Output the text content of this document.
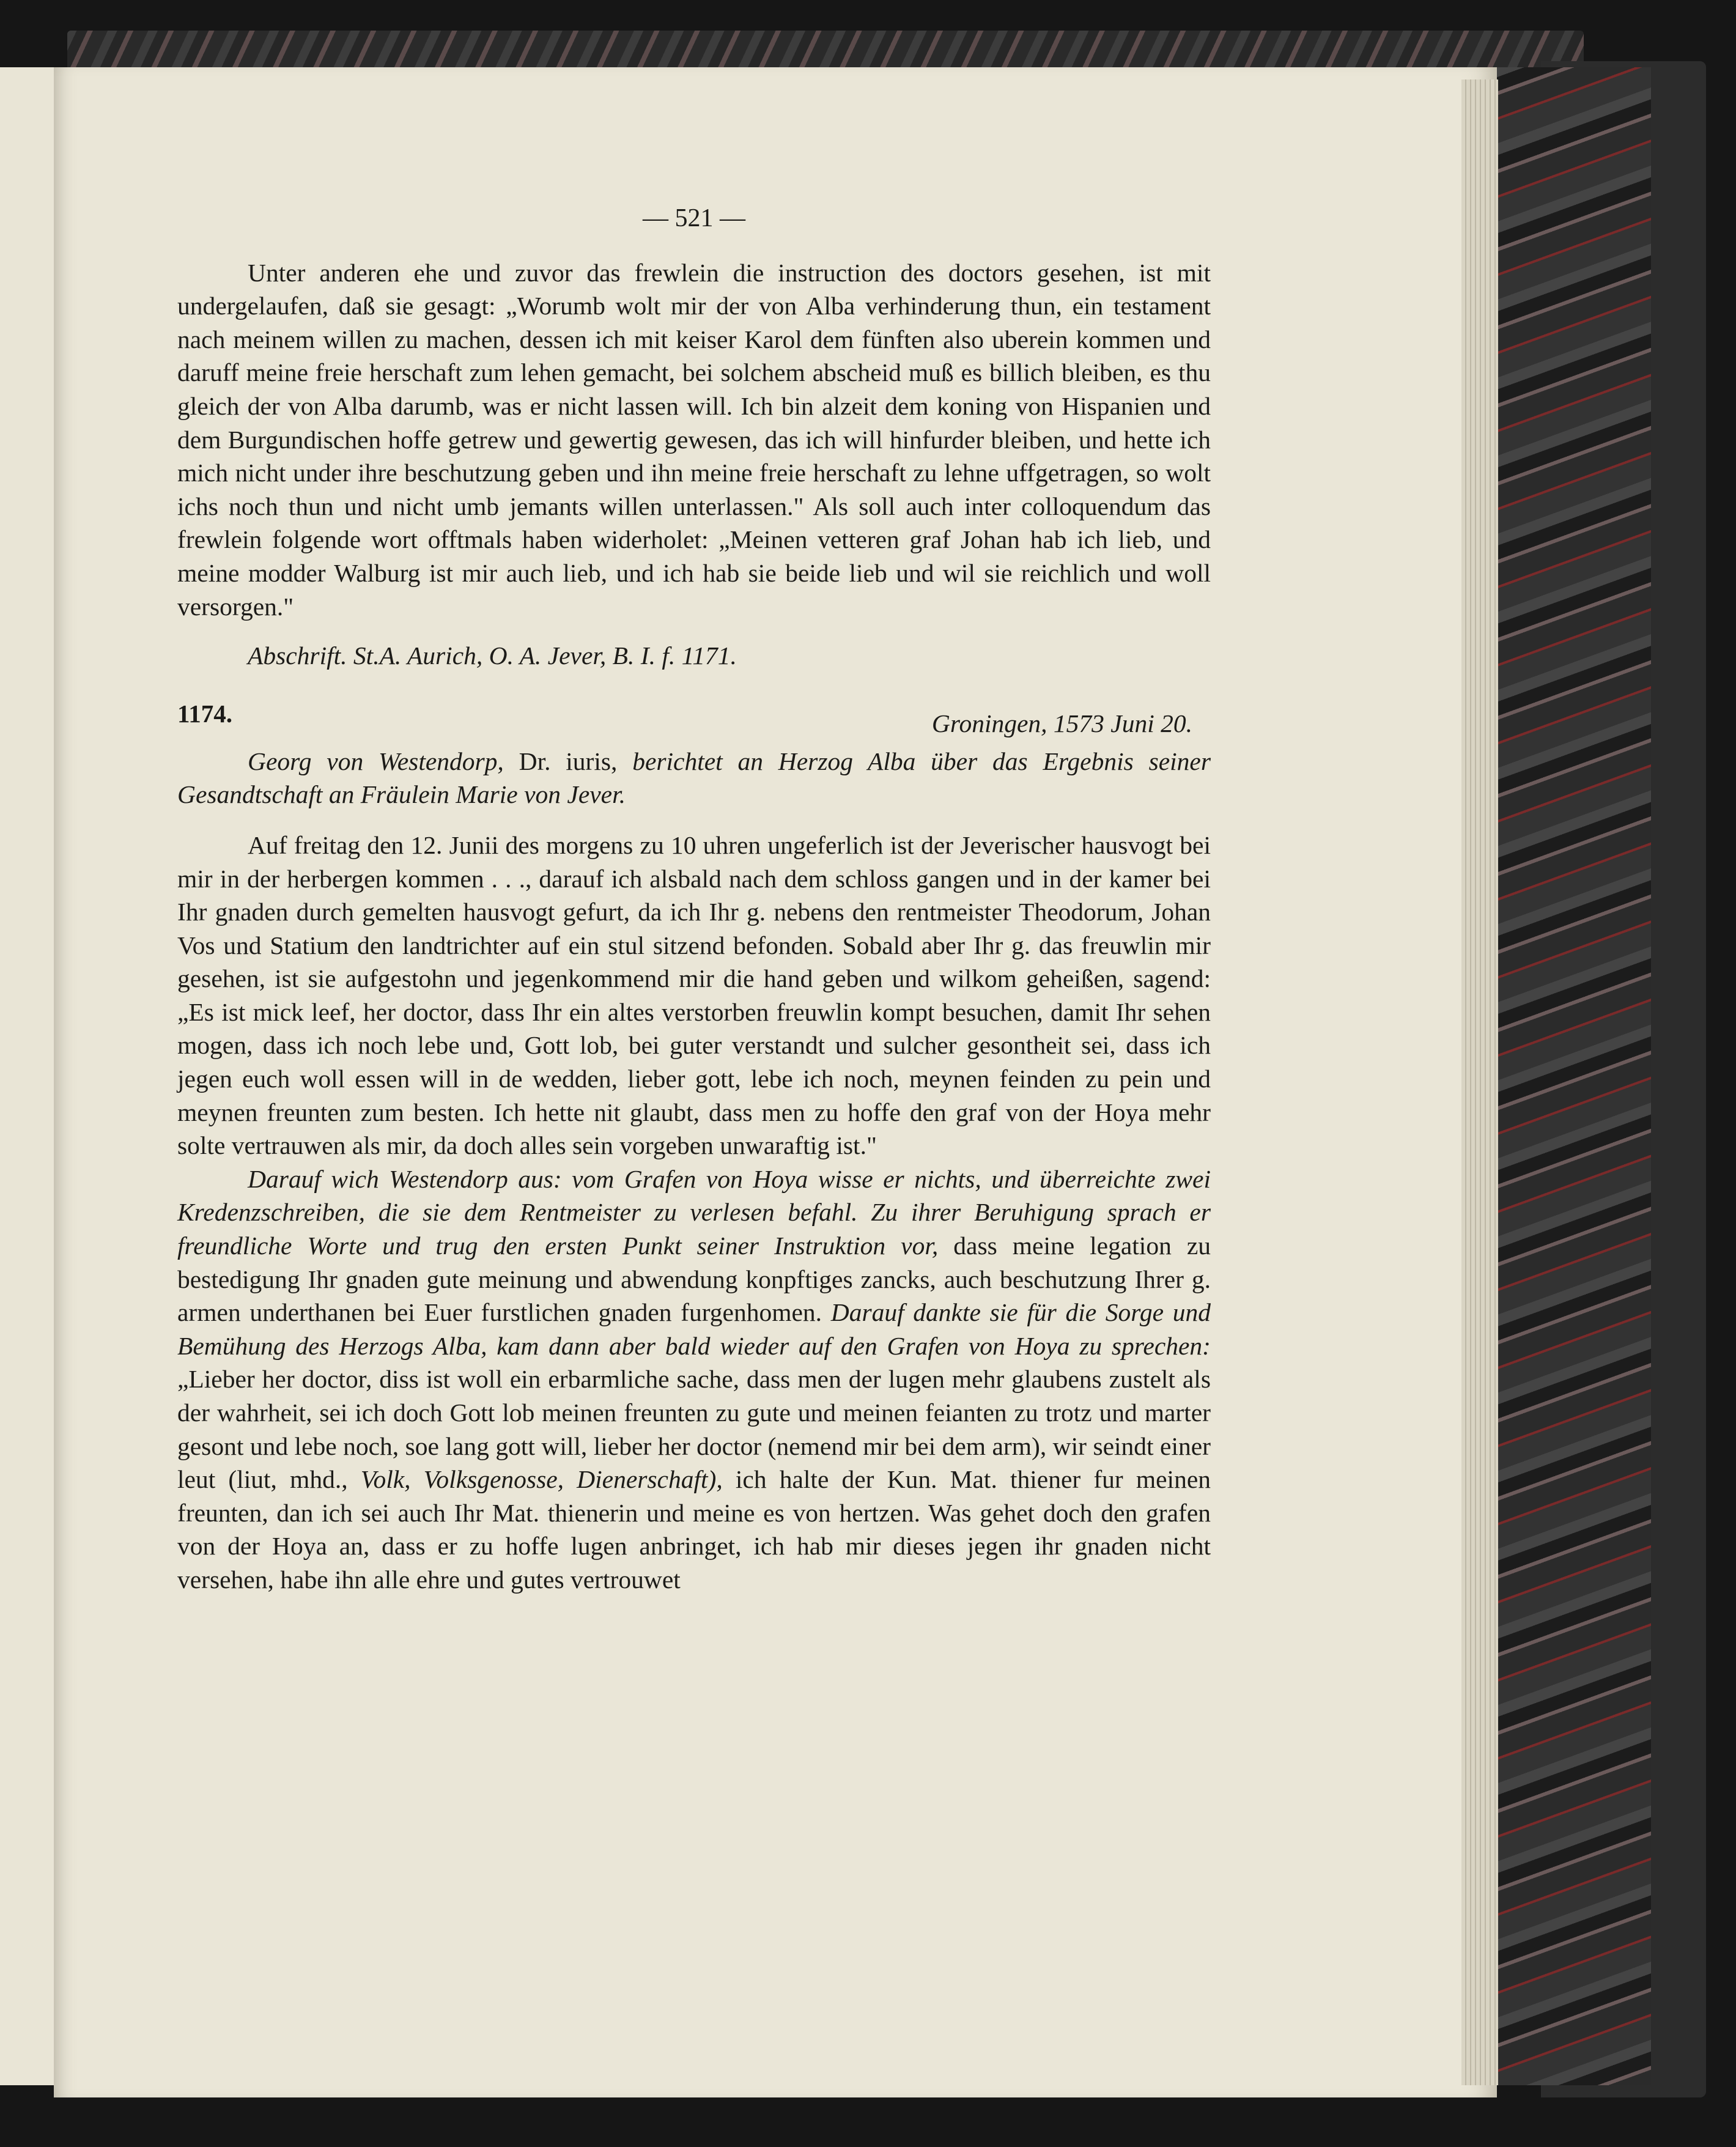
— 521 —

Unter anderen ehe und zuvor das frewlein die instruction des doctors gesehen, ist mit undergelaufen, daß sie gesagt: „Worumb wolt mir der von Alba verhinderung thun, ein testament nach meinem willen zu machen, dessen ich mit keiser Karol dem fünften also uberein kommen und daruff meine freie herschaft zum lehen gemacht, bei solchem abscheid muß es billich bleiben, es thu gleich der von Alba darumb, was er nicht lassen will. Ich bin alzeit dem koning von Hispanien und dem Burgundischen hoffe getrew und gewertig gewesen, das ich will hinfurder bleiben, und hette ich mich nicht under ihre beschutzung geben und ihn meine freie herschaft zu lehne uffgetragen, so wolt ichs noch thun und nicht umb jemants willen unterlassen." Als soll auch inter colloquendum das frewlein folgende wort offtmals haben widerholet: „Meinen vetteren graf Johan hab ich lieb, und meine modder Walburg ist mir auch lieb, und ich hab sie beide lieb und wil sie reichlich und woll versorgen."

Abschrift. St.A. Aurich, O. A. Jever, B. I. f. 1171.

1174.	Groningen, 1573 Juni 20.

Georg von Westendorp, Dr. iuris, berichtet an Herzog Alba über das Ergebnis seiner Gesandtschaft an Fräulein Marie von Jever.

Auf freitag den 12. Junii des morgens zu 10 uhren ungeferlich ist der Jeverischer hausvogt bei mir in der herbergen kommen . . ., darauf ich alsbald nach dem schloss gangen und in der kamer bei Ihr gnaden durch gemelten hausvogt gefurt, da ich Ihr g. nebens den rentmeister Theodorum, Johan Vos und Statium den landtrichter auf ein stul sitzend befonden. Sobald aber Ihr g. das freuwlin mir gesehen, ist sie aufgestohn und jegenkommend mir die hand geben und wilkom geheißen, sagend: „Es ist mick leef, her doctor, dass Ihr ein altes verstorben freuwlin kompt besuchen, damit Ihr sehen mogen, dass ich noch lebe und, Gott lob, bei guter verstandt und sulcher gesontheit sei, dass ich jegen euch woll essen will in de wedden, lieber gott, lebe ich noch, meynen feinden zu pein und meynen freunten zum besten. Ich hette nit glaubt, dass men zu hoffe den graf von der Hoya mehr solte vertrauwen als mir, da doch alles sein vorgeben unwaraftig ist."

Darauf wich Westendorp aus: vom Grafen von Hoya wisse er nichts, und überreichte zwei Kredenzschreiben, die sie dem Rentmeister zu verlesen befahl. Zu ihrer Beruhigung sprach er freundliche Worte und trug den ersten Punkt seiner Instruktion vor, dass meine legation zu bestedigung Ihr gnaden gute meinung und abwendung konpftiges zancks, auch beschutzung Ihrer g. armen underthanen bei Euer furstlichen gnaden furgenhomen. Darauf dankte sie für die Sorge und Bemühung des Herzogs Alba, kam dann aber bald wieder auf den Grafen von Hoya zu sprechen: „Lieber her doctor, diss ist woll ein erbarmliche sache, dass men der lugen mehr glaubens zustelt als der wahrheit, sei ich doch Gott lob meinen freunten zu gute und meinen feianten zu trotz und marter gesont und lebe noch, soe lang gott will, lieber her doctor (nemend mir bei dem arm), wir seindt einer leut (liut, mhd., Volk, Volksgenosse, Dienerschaft), ich halte der Kun. Mat. thiener fur meinen freunten, dan ich sei auch Ihr Mat. thienerin und meine es von hertzen. Was gehet doch den grafen von der Hoya an, dass er zu hoffe lugen anbringet, ich hab mir dieses jegen ihr gnaden nicht versehen, habe ihn alle ehre und gutes vertrouwet
